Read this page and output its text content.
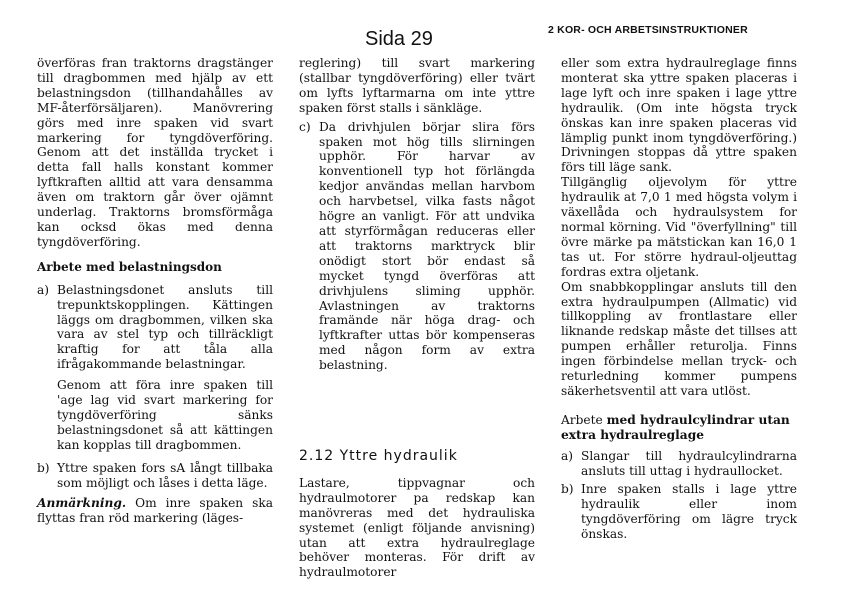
Sida 29	2 KOR- OCH ARBETSINSTRUKTIONER

överföras fran traktorns dragstänger till dragbommen med hjälp av ett belastningsdon (tillhandahålles av MF-återförsäljaren). Manövrering görs med inre spaken vid svart markering for tyngdöverföring. Genom att det inställda trycket i detta fall halls konstant kommer lyftkraften alltid att vara densamma även om traktorn går över ojämnt underlag. Traktorns bromsförmåga kan ocksd ökas med denna tyngdöverföring.

Arbete med belastningsdon
a) Belastningsdonet ansluts till trepunktskopplingen. Kättingen läggs om dragbommen, vilken ska vara av stel typ och tillräckligt kraftig for att tåla alla ifrågakommande belastningar.

Genom att föra inre spaken till 'age lag vid svart markering for tyngdöverföring sänks belastningsdonet så att kättingen kan kopplas till dragbommen.

b) Yttre spaken fors sA långt tillbaka som möjligt och låses i detta läge.

Anmärkning. Om inre spaken ska flyttas fran röd markering (läges-

reglering) till svart markering (stallbar tyngdöverföring) eller tvärt om lyfts lyftarmarna om inte yttre spaken först stalls i sänkläge.

c) Da drivhjulen börjar slira förs spaken mot hög tills slirningen upphör. För harvar av konventionell typ hot förlängda kedjor användas mellan harvbom och harvbetsel, vilka fasts något högre an vanligt. För att undvika att styrförmågan reduceras eller att traktorns marktryck blir onödigt stort bör endast så mycket tyngd överföras att drivhjulens sliming upphör. Avlastningen av traktorns framände när höga drag- och lyftkrafter uttas bör kompenseras med någon form av extra belastning.

2.12 Yttre hydraulik

Lastare, tippvagnar och hydraulmotorer pa redskap kan manövreras med det hydrauliska systemet (enligt följande anvisning) utan att extra hydraulreglage behöver monteras. För drift av hydraulmotorer

eller som extra hydraulreglage finns monterat ska yttre spaken placeras i lage lyft och inre spaken i lage yttre hydraulik. (Om inte högsta tryck önskas kan inre spaken placeras vid lämplig punkt inom tyngdöverföring.) Drivningen stoppas då yttre spaken förs till läge sank.

Tillgänglig oljevolym för yttre hydraulik at 7,0 1 med högsta volym i växellåda och hydraulsystem for normal körning. Vid "överfyllning" till övre märke pa mätstickan kan 16,0 1 tas ut. For större hydraul-oljeuttag fordras extra oljetank.

Om snabbkopplingar ansluts till den extra hydraulpumpen (Allmatic) vid tillkoppling av frontlastare eller liknande redskap måste det tillses att pumpen erhåller returolja. Finns ingen förbindelse mellan tryck- och returledning kommer pumpens säkerhetsventil att vara utlöst.

Arbete med hydraulcylindrar utan extra hydraulreglage
a) Slangar till hydraulcylindrarna ansluts till uttag i hydraullocket.

b) Inre spaken stalls i lage yttre hydraulik eller inom tyngdöverföring om lägre tryck önskas.
